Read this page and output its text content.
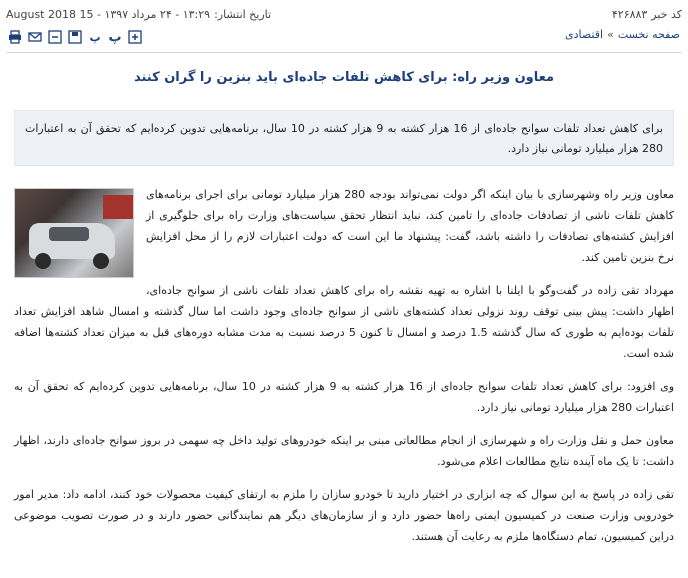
کد خبر
۴۲۶۸۸۳
تاریخ انتشار:
۱۳:۲۹ - ۲۴ مرداد ۱۳۹۷ - 15 August 2018
پ پ	صفحه نخست
»
اقتصادی
معاون وزیر راه: برای کاهش تلفات جاده‌ای باید بنزین را گران کنند
برای کاهش تعداد تلفات سوانح جاده‌ای از 16 هزار کشته به 9 هزار کشته در 10 سال، برنامه‌هایی تدوین کرده‌ایم که تحقق آن به اعتبارات 280 هزار میلیارد تومانی نیاز دارد.

معاون وزیر راه وشهرسازی با بیان اینکه اگر دولت نمی‌تواند بودجه 280 هزار میلیارد تومانی برای اجرای برنامه‌های کاهش تلفات ناشی از تصادفات جاده‌ای را تامین کند، نباید انتظار تحقق سیاست‌های وزارت راه برای جلوگیری از افزایش کشته‌های تصادفات را داشته باشد، گفت: پیشنهاد ما این است که دولت اعتبارات لازم را از محل افزایش نرخ بنزین تامین کند.

مهرداد تقی زاده در گفت‌وگو با ایلنا با اشاره به تهیه نقشه راه برای کاهش تعداد تلفات ناشی از سوانح جاده‌ای، اظهار داشت: پیش بینی توقف روند نزولی تعداد کشته‌های ناشی از سوانح جاده‌ای وجود داشت اما سال گذشته و امسال شاهد افزایش تعداد تلفات بوده‌ایم به طوری که سال گذشته 1.5 درصد و امسال تا کنون 5 درصد نسبت به مدت مشابه دوره‌های قبل به میزان تعداد کشته‌ها اضافه شده است.

وی افزود: برای کاهش تعداد تلفات سوانح جاده‌ای از 16 هزار کشته به 9 هزار کشته در 10 سال، برنامه‌هایی تدوین کرده‌ایم که تحقق آن به اعتبارات 280 هزار میلیارد تومانی نیاز دارد.

معاون حمل و نقل وزارت راه و شهرسازی از انجام مطالعاتی مبنی بر اینکه خودروهای تولید داخل چه سهمی در بروز سوانح جاده‌ای دارند، اظهار داشت: تا یک ماه آینده نتایج مطالعات اعلام می‌شود.

تقی زاده در پاسخ به این سوال که چه ابزاری در اختیار دارید تا خودرو سازان را ملزم به ارتقای کیفیت محصولات خود کنند، ادامه داد: مدیر امور خودرویی وزارت صنعت در کمیسیون ایمنی راه‌ها حضور دارد و از سازمان‌های دیگر هم نمایندگانی حضور دارند و در صورت تصویب موضوعی دراین کمیسیون، تمام دستگاه‌ها ملزم به رعایت آن هستند.
